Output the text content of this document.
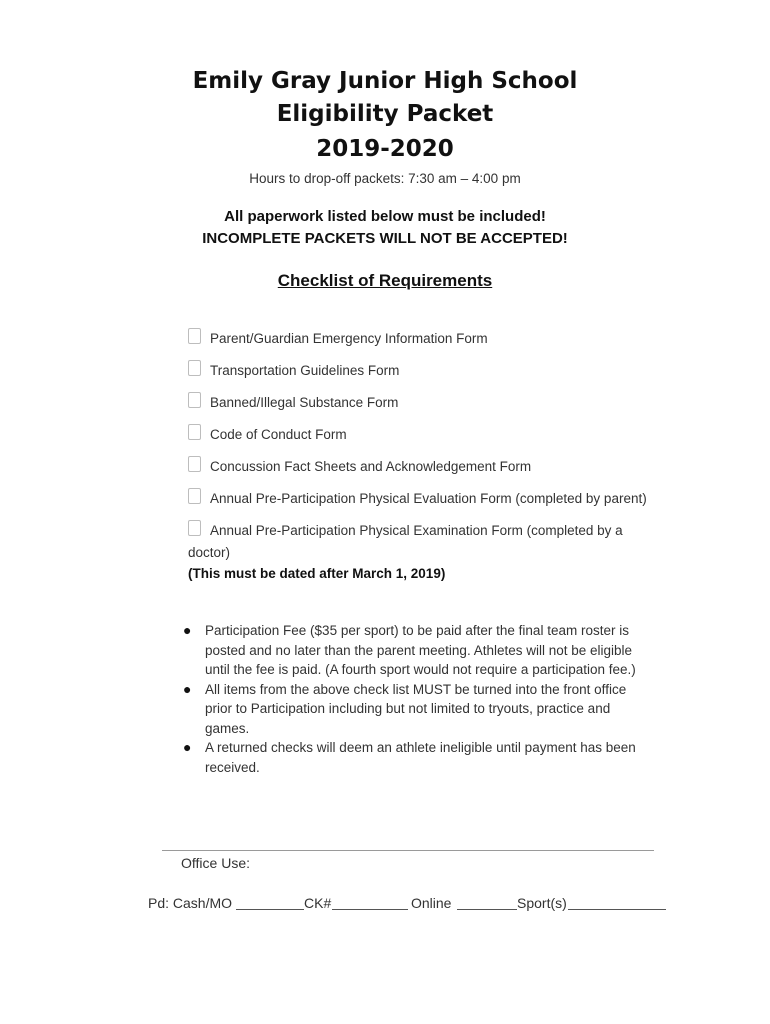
Emily Gray Junior High School
Eligibility Packet
2019-2020
Hours to drop-off packets: 7:30 am – 4:00 pm
All paperwork listed below must be included!
INCOMPLETE PACKETS WILL NOT BE ACCEPTED!
Checklist of Requirements
Parent/Guardian Emergency Information Form
Transportation Guidelines Form
Banned/Illegal Substance Form
Code of Conduct Form
Concussion Fact Sheets and Acknowledgement Form
Annual Pre-Participation Physical Evaluation Form (completed by parent)
Annual Pre-Participation Physical Examination Form (completed by a
doctor)
(This must be dated after March 1, 2019)
● Participation Fee ($35 per sport) to be paid after the final team roster is posted and no later than the parent meeting. Athletes will not be eligible until the fee is paid. (A fourth sport would not require a participation fee.)
● All items from the above check list MUST be turned into the front office prior to Participation including but not limited to tryouts, practice and games.
● A returned checks will deem an athlete ineligible until payment has been received.
Office Use:
Pd: Cash/MO	CK#	Online	Sport(s)
